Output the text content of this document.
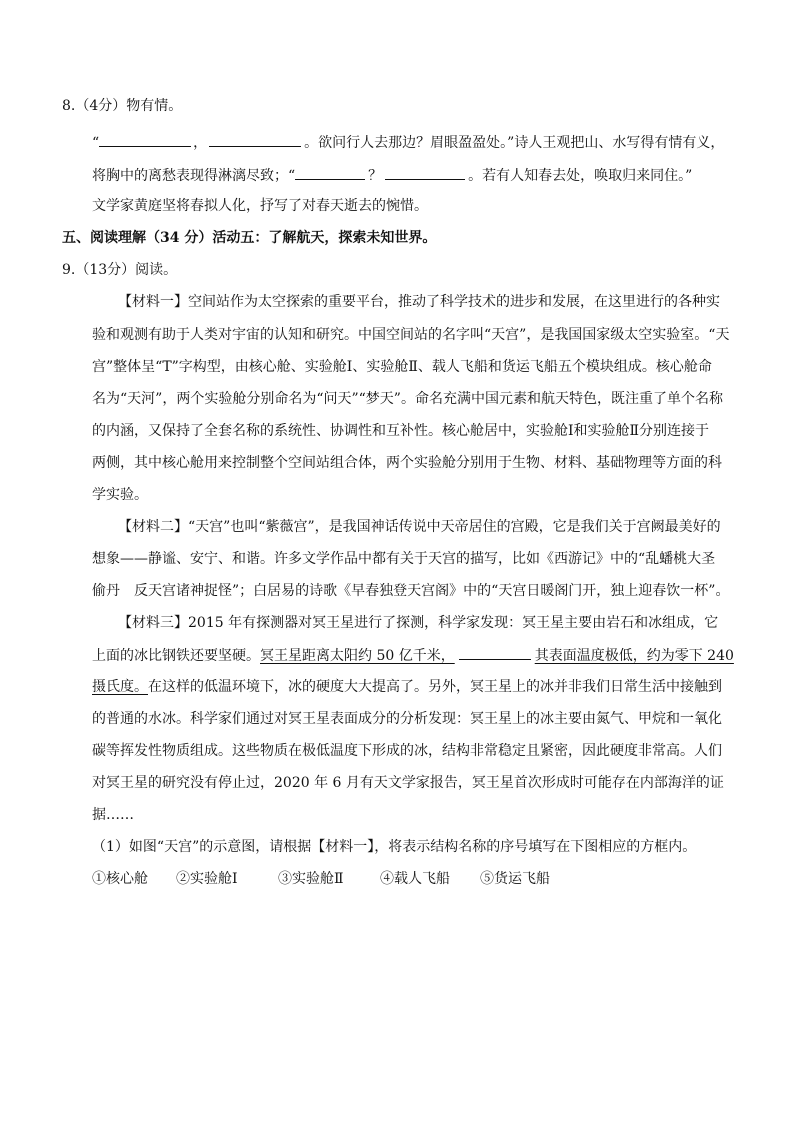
8.（4分）物有情。
“	，	。欲问行人去那边？眉眼盈盈处。”诗人王观把山、水写得有情有义，
将胸中的离愁表现得淋漓尽致；“	？	。若有人知春去处，唤取归来同住。”
文学家黄庭坚将春拟人化，抒写了对春天逝去的惋惜。
五、阅读理解（34 分）活动五：了解航天，探索未知世界。
9.（13分）阅读。
【材料一】空间站作为太空探索的重要平台，推动了科学技术的进步和发展，在这里进行的各种实
验和观测有助于人类对宇宙的认知和研究。中国空间站的名字叫“天宫”，是我国国家级太空实验室。“天
宫”整体呈“T”字构型，由核心舱、实验舱Ⅰ、实验舱Ⅱ、载人飞船和货运飞船五个模块组成。核心舱命
名为“天河”，两个实验舱分别命名为“问天”“梦天”。命名充满中国元素和航天特色，既注重了单个名称
的内涵，又保持了全套名称的系统性、协调性和互补性。核心舱居中，实验舱Ⅰ和实验舱Ⅱ分别连接于
两侧，其中核心舱用来控制整个空间站组合体，两个实验舱分别用于生物、材料、基础物理等方面的科
学实验。
【材料二】“天宫”也叫“紫薇宫”，是我国神话传说中天帝居住的宫殿，它是我们关于宫阙最美好的
想象——静谧、安宁、和谐。许多文学作品中都有关于天宫的描写，比如《西游记》中的“乱蟠桃大圣
偷丹　反天宫诸神捉怪”；白居易的诗歌《早春独登天宫阁》中的“天宫日暖阁门开，独上迎春饮一杯”。
【材料三】2015 年有探测器对冥王星进行了探测，科学家发现：冥王星主要由岩石和冰组成，它
上面的冰比钢铁还要坚硬。冥王星距离太阳约 50 亿千米，	其表面温度极低，约为零下 240
摄氏度。在这样的低温环境下，冰的硬度大大提高了。另外，冥王星上的冰并非我们日常生活中接触到
的普通的水冰。科学家们通过对冥王星表面成分的分析发现：冥王星上的冰主要由氮气、甲烷和一氧化
碳等挥发性物质组成。这些物质在极低温度下形成的冰，结构非常稳定且紧密，因此硬度非常高。人们
对冥王星的研究没有停止过，2020 年 6 月有天文学家报告，冥王星首次形成时可能存在内部海洋的证
据……
（1）如图“天宫”的示意图，请根据【材料一】，将表示结构名称的序号填写在下图相应的方框内。
①核心舱 ②实验舱Ⅰ	③实验舱Ⅱ	④载人飞船 ⑤货运飞船
